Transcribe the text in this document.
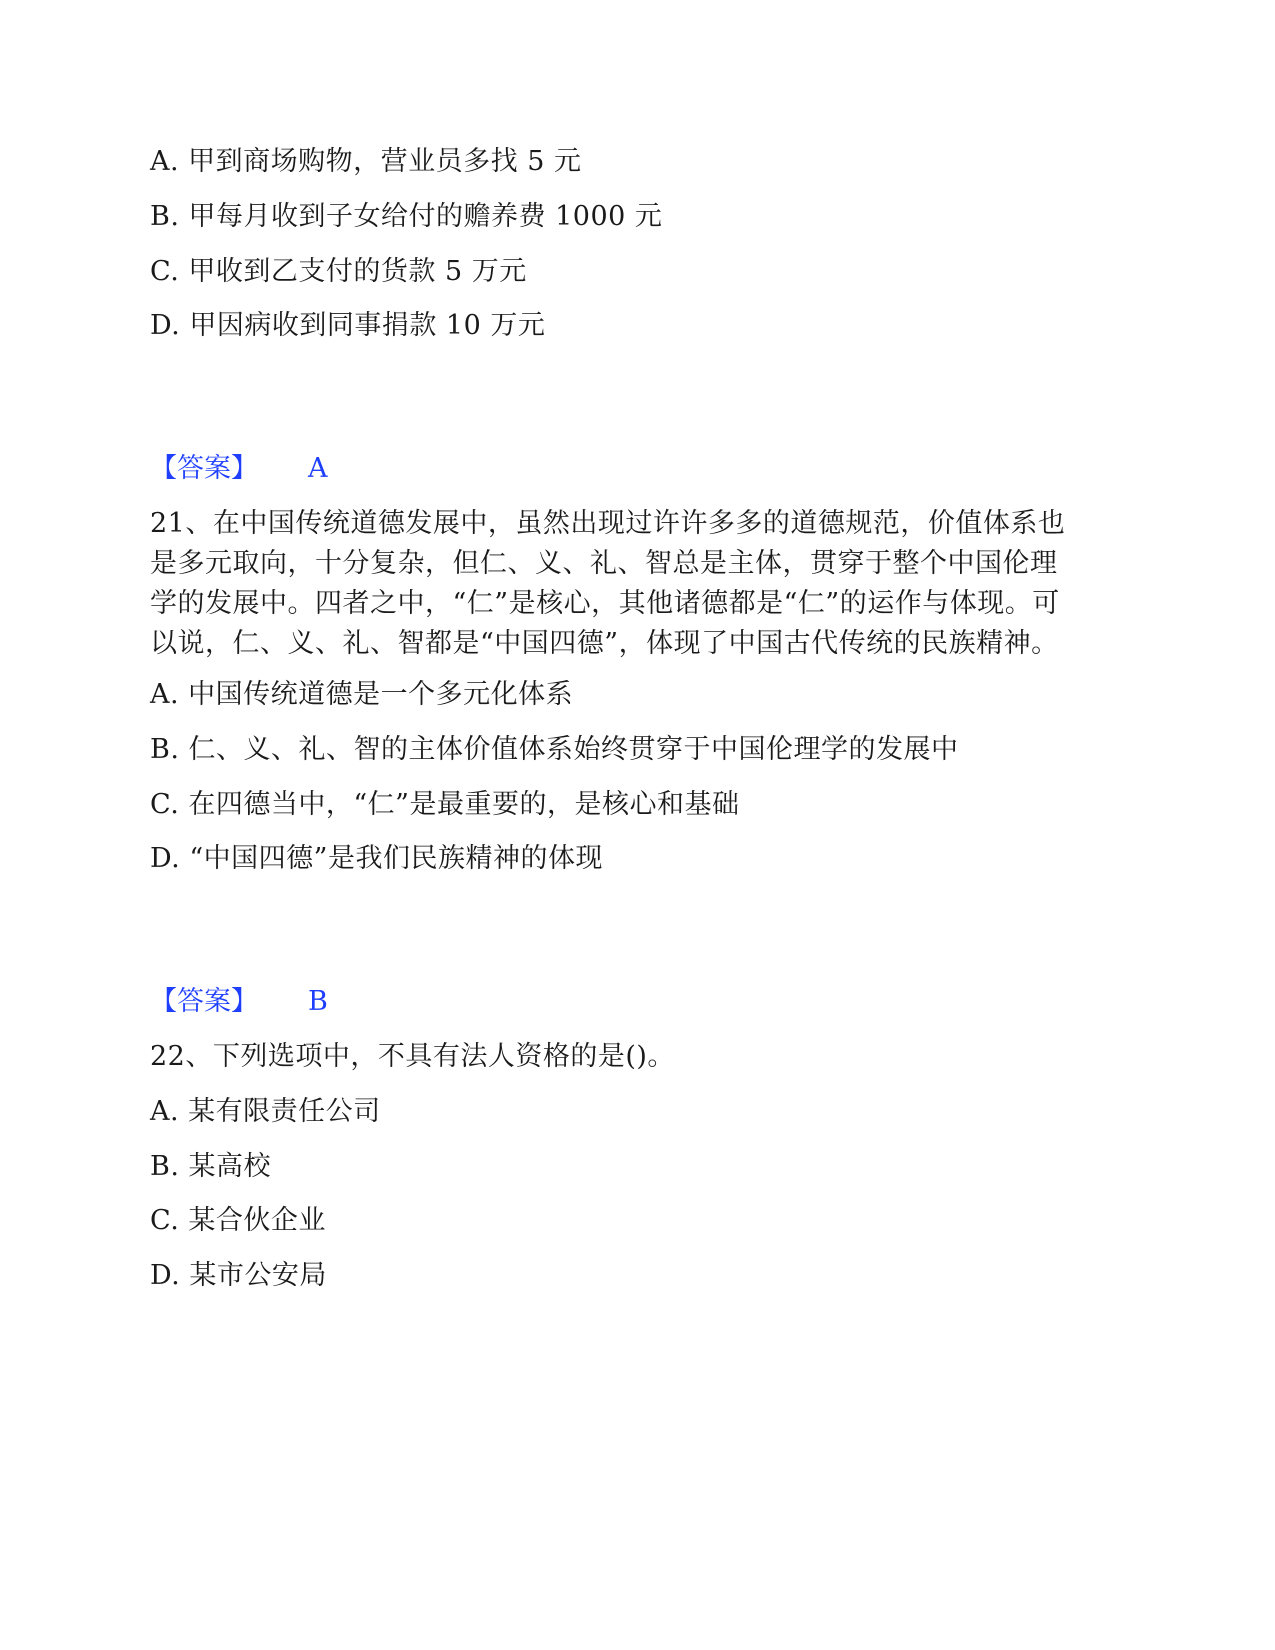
A. 甲到商场购物，营业员多找 5 元
B. 甲每月收到子女给付的赡养费 1000 元
C. 甲收到乙支付的货款 5 万元
D. 甲因病收到同事捐款 10 万元
【答案】 A
21、在中国传统道德发展中，虽然出现过许许多多的道德规范，价值体系也
是多元取向，十分复杂，但仁、义、礼、智总是主体，贯穿于整个中国伦理
学的发展中。四者之中，“仁”是核心，其他诸德都是“仁”的运作与体现。可
以说，仁、义、礼、智都是“中国四德”，体现了中国古代传统的民族精神。
A. 中国传统道德是一个多元化体系
B. 仁、义、礼、智的主体价值体系始终贯穿于中国伦理学的发展中
C. 在四德当中，“仁”是最重要的，是核心和基础
D. “中国四德”是我们民族精神的体现
【答案】 B
22、下列选项中，不具有法人资格的是()。
A. 某有限责任公司
B. 某高校
C. 某合伙企业
D. 某市公安局
